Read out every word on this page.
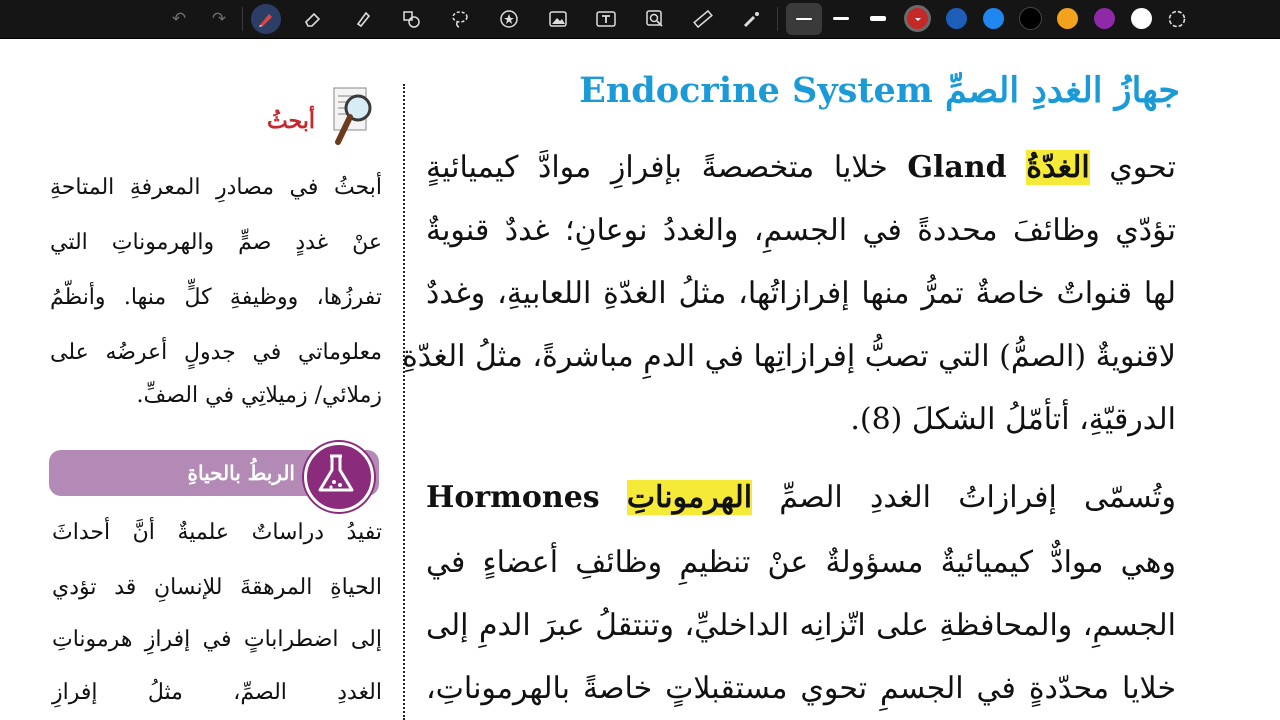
↶	↷
جهازُ الغددِ الصمِّ Endocrine System
تحوي الغدّةُ Gland خلايا متخصصةً بإفرازِ موادَّ كيميائيةٍ
تؤدّي وظائفَ محددةً في الجسمِ، والغددُ نوعانِ؛ غددٌ قنويةٌ
لها قنواتٌ خاصةٌ تمرُّ منها إفرازاتُها، مثلُ الغدّةِ اللعابيةِ، وغددٌ
لاقنويةٌ (الصمُّ) التي تصبُّ إفرازاتِها في الدمِ مباشرةً، مثلُ الغدّةِ
الدرقيّةِ، أتأمّلُ الشكلَ (8).
وتُسمّى إفرازاتُ الغددِ الصمِّ الهرموناتِ Hormones
وهي موادٌّ كيميائيةٌ مسؤولةٌ عنْ تنظيمِ وظائفِ أعضاءٍ في
الجسمِ، والمحافظةِ على اتّزانِه الداخليِّ، وتنتقلُ عبرَ الدمِ إلى
خلايا محدّدةٍ في الجسمِ تحوي مستقبلاتٍ خاصةً بالهرموناتِ،
أبحثُ
أبحثُ في مصادرِ المعرفةِ المتاحةِ
عنْ غددٍ صمٍّ والهرموناتِ التي
تفرزُها، ووظيفةِ كلٍّ منها. وأنظّمُ
معلوماتي في جدولٍ أعرضُه على
زملائي/ زميلاتِي في الصفِّ.
الربطُ بالحياةِ
تفيدُ دراساتٌ علميةٌ أنَّ أحداثَ
الحياةِ المرهقةَ للإنسانِ قد تؤدي
إلى اضطراباتٍ في إفرازِ هرموناتِ
الغددِ الصمِّ، مثلُ إفرازِ
